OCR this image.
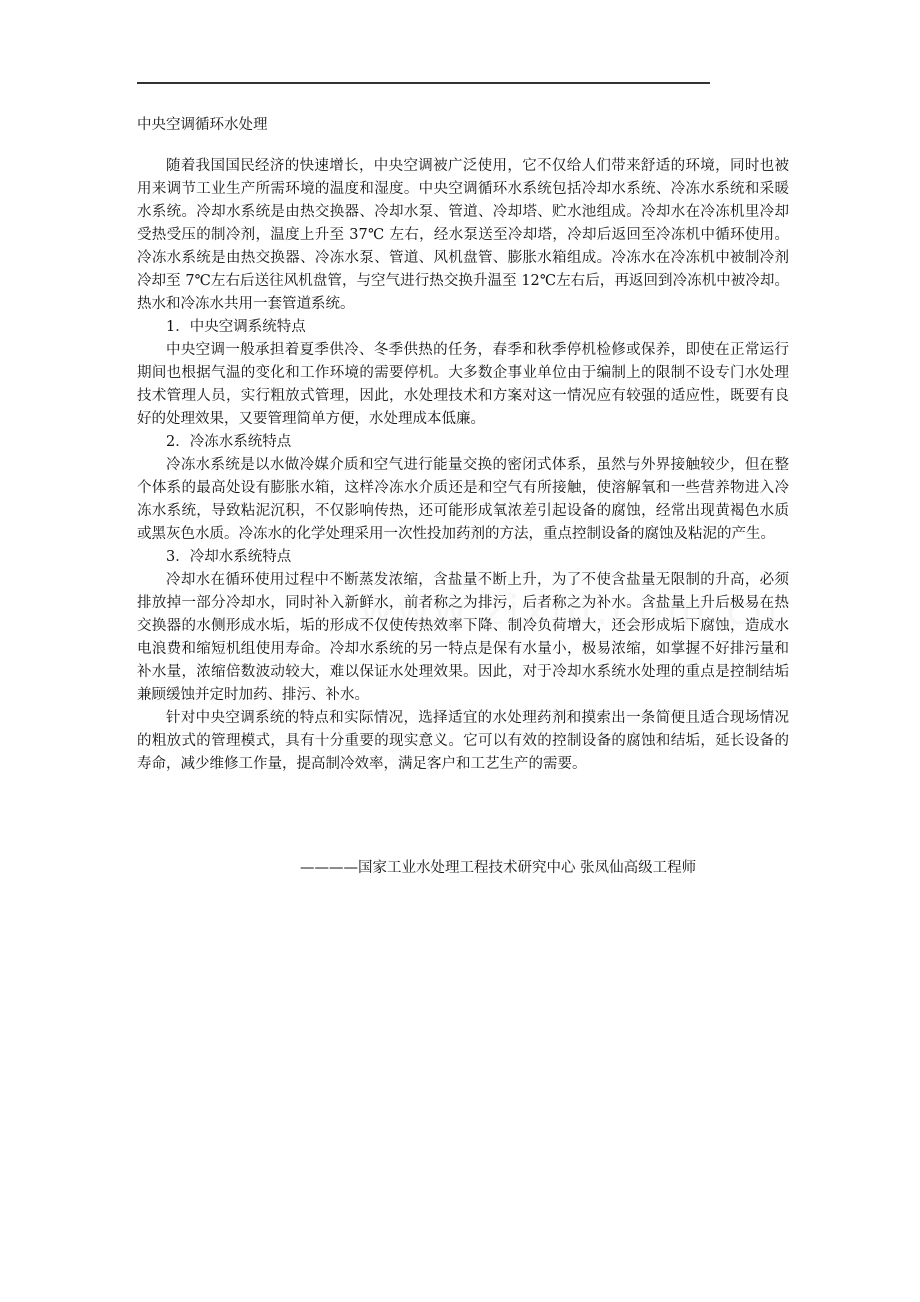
中央空调循环水处理

随着我国国民经济的快速增长，中央空调被广泛使用，它不仅给人们带来舒适的环境，同时也被用来调节工业生产所需环境的温度和湿度。中央空调循环水系统包括冷却水系统、冷冻水系统和采暖水系统。冷却水系统是由热交换器、冷却水泵、管道、冷却塔、贮水池组成。冷却水在冷冻机里冷却受热受压的制冷剂，温度上升至 37℃ 左右，经水泵送至冷却塔，冷却后返回至冷冻机中循环使用。冷冻水系统是由热交换器、冷冻水泵、管道、风机盘管、膨胀水箱组成。冷冻水在冷冻机中被制冷剂冷却至 7℃左右后送往风机盘管，与空气进行热交换升温至 12℃左右后，再返回到冷冻机中被冷却。热水和冷冻水共用一套管道系统。

1．中央空调系统特点

中央空调一般承担着夏季供冷、冬季供热的任务，春季和秋季停机检修或保养，即使在正常运行期间也根据气温的变化和工作环境的需要停机。大多数企事业单位由于编制上的限制不设专门水处理技术管理人员，实行粗放式管理，因此，水处理技术和方案对这一情况应有较强的适应性，既要有良好的处理效果，又要管理简单方便，水处理成本低廉。

2．冷冻水系统特点

冷冻水系统是以水做冷媒介质和空气进行能量交换的密闭式体系，虽然与外界接触较少，但在整个体系的最高处设有膨胀水箱，这样冷冻水介质还是和空气有所接触，使溶解氧和一些营养物进入冷冻水系统，导致粘泥沉积，不仅影响传热，还可能形成氧浓差引起设备的腐蚀，经常出现黄褐色水质或黑灰色水质。冷冻水的化学处理采用一次性投加药剂的方法，重点控制设备的腐蚀及粘泥的产生。

3．冷却水系统特点

冷却水在循环使用过程中不断蒸发浓缩，含盐量不断上升，为了不使含盐量无限制的升高，必须排放掉一部分冷却水，同时补入新鲜水，前者称之为排污，后者称之为补水。含盐量上升后极易在热交换器的水侧形成水垢，垢的形成不仅使传热效率下降、制冷负荷增大，还会形成垢下腐蚀，造成水电浪费和缩短机组使用寿命。冷却水系统的另一特点是保有水量小，极易浓缩，如掌握不好排污量和补水量，浓缩倍数波动较大，难以保证水处理效果。因此，对于冷却水系统水处理的重点是控制结垢兼顾缓蚀并定时加药、排污、补水。

针对中央空调系统的特点和实际情况，选择适宜的水处理药剂和摸索出一条简便且适合现场情况的粗放式的管理模式，具有十分重要的现实意义。它可以有效的控制设备的腐蚀和结垢，延长设备的寿命，减少维修工作量，提高制冷效率，满足客户和工艺生产的需要。

————国家工业水处理工程技术研究中心 张凤仙高级工程师
